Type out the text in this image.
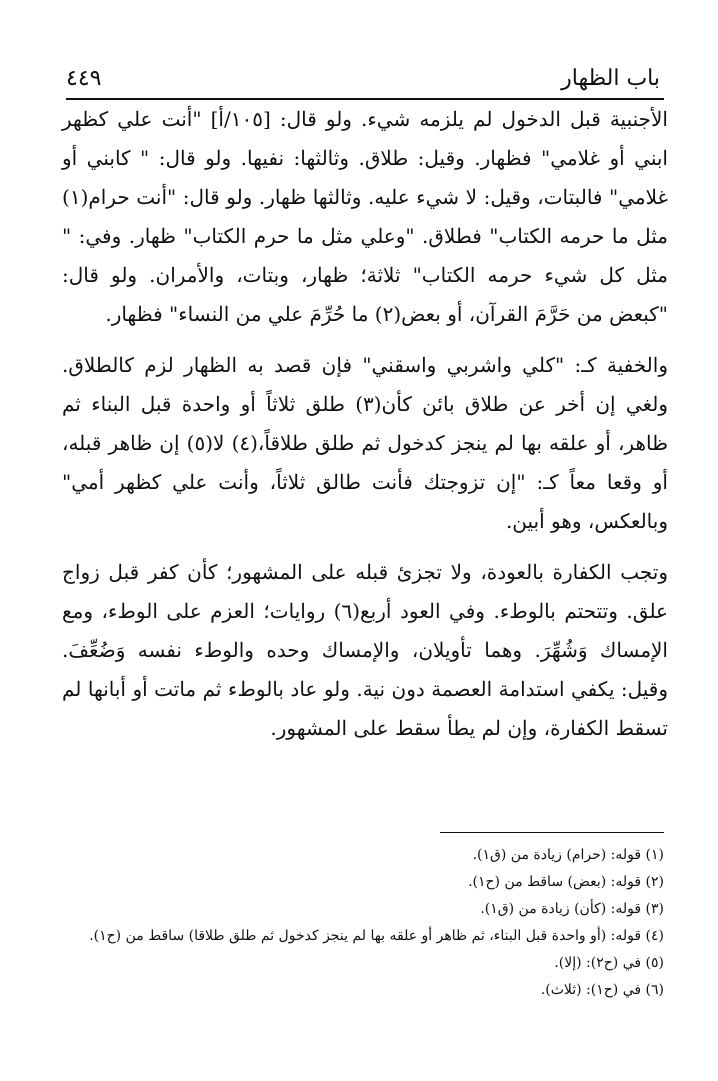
باب الظهار
٤٤٩

الأجنبية قبل الدخول لم يلزمه شيء. ولو قال: [١٠٥/أ] "أنت علي كظهر ابني أو غلامي" فظهار. وقيل: طلاق. وثالثها: نفيها. ولو قال: " كابني أو غلامي" فالبتات، وقيل: لا شيء عليه. وثالثها ظهار. ولو قال: "أنت حرام(١) مثل ما حرمه الكتاب" فطلاق. "وعلي مثل ما حرم الكتاب" ظهار. وفي: " مثل كل شيء حرمه الكتاب" ثلاثة؛ ظهار، وبتات، والأمران. ولو قال: "كبعض من حَرَّمَ القرآن، أو بعض(٢) ما حُرِّمَ علي من النساء" فظهار.

والخفية كـ: "كلي واشربي واسقني" فإن قصد به الظهار لزم كالطلاق. ولغي إن أخر عن طلاق بائن كأن(٣) طلق ثلاثاً أو واحدة قبل البناء ثم ظاهر، أو علقه بها لم ينجز كدخول ثم طلق طلاقاً،(٤) لا(٥) إن ظاهر قبله، أو وقعا معاً كـ: "إن تزوجتك فأنت طالق ثلاثاً، وأنت علي كظهر أمي" وبالعكس، وهو أبين.

وتجب الكفارة بالعودة، ولا تجزئ قبله على المشهور؛ كأن كفر قبل زواج علق. وتتحتم بالوطء. وفي العود أربع(٦) روايات؛ العزم على الوطء، ومع الإمساك وَشُهِّرَ. وهما تأويلان، والإمساك وحده والوطء نفسه وَضُعِّفَ. وقيل: يكفي استدامة العصمة دون نية. ولو عاد بالوطء ثم ماتت أو أبانها لم تسقط الكفارة، وإن لم يطأ سقط على المشهور.

(١) قوله: (حرام) زيادة من (ق١).
(٢) قوله: (بعض) ساقط من (ح١).
(٣) قوله: (كأن) زيادة من (ق١).
(٤) قوله: (أو واحدة قبل البناء، ثم ظاهر أو علقه بها لم ينجز كدخول ثم طلق طلاقا) ساقط من (ح١).
(٥) في (ح٢): (إلا).
(٦) في (ح١): (ثلاث).
